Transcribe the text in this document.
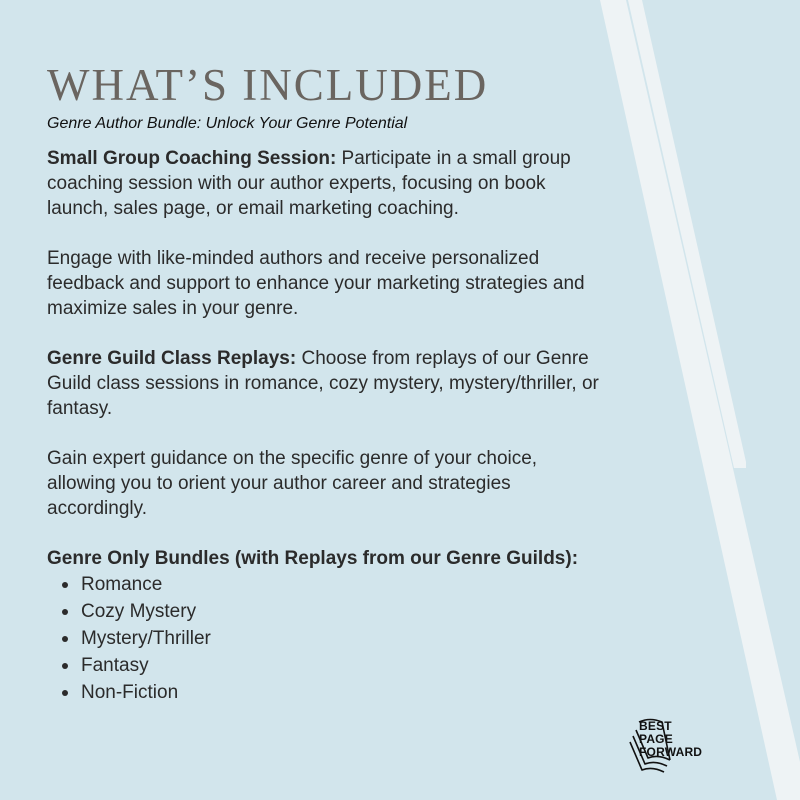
WHAT’S INCLUDED

Genre Author Bundle: Unlock Your Genre Potential

Small Group Coaching Session: Participate in a small group coaching session with our author experts, focusing on book launch, sales page, or email marketing coaching.

Engage with like-minded authors and receive personalized feedback and support to enhance your marketing strategies and maximize sales in your genre.

Genre Guild Class Replays: Choose from replays of our Genre Guild class sessions in romance, cozy mystery, mystery/thriller, or fantasy.

Gain expert guidance on the specific genre of your choice, allowing you to orient your author career and strategies accordingly.

Genre Only Bundles (with Replays from our Genre Guilds):

Romance
Cozy Mystery
Mystery/Thriller
Fantasy
Non-Fiction
BEST
PAGE
FORWARD
